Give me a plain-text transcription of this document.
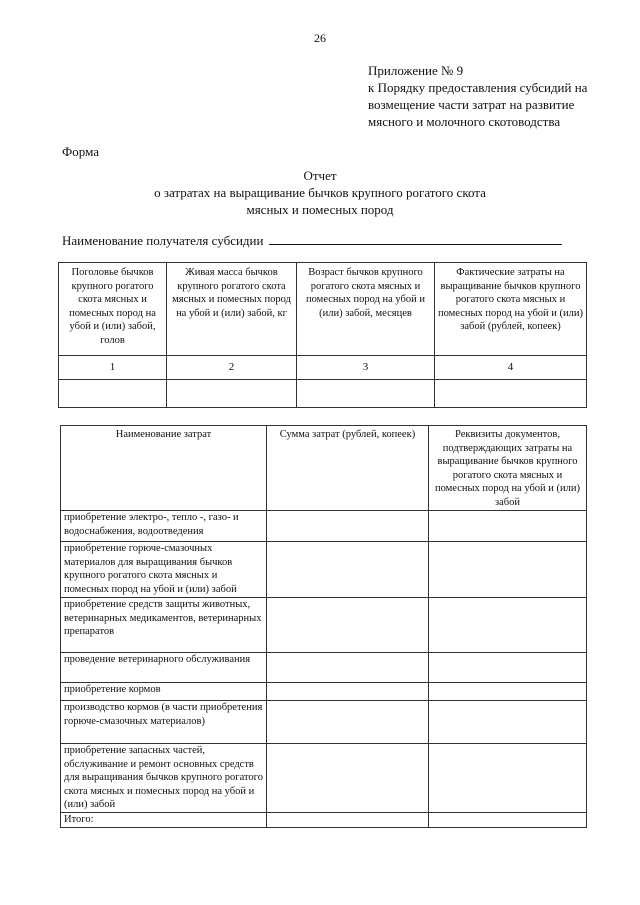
26
Приложение № 9
к Порядку предоставления субсидий на
возмещение части затрат на развитие
мясного и молочного скотоводства
Форма
Отчет
о затратах на выращивание бычков крупного рогатого скота
мясных и помесных пород
Наименование получателя субсидии
Поголовье бычков крупного рогатого скота мясных и помесных пород на убой и (или) забой, голов	Живая масса бычков крупного рогатого скота мясных и помесных пород на убой и (или) забой, кг	Возраст бычков крупного рогатого скота мясных и помесных пород на убой и (или) забой, месяцев	Фактические затраты на выращивание бычков крупного рогатого скота мясных и помесных пород на убой и (или) забой (рублей, копеек)
1	2	3	4

Наименование затрат	Сумма затрат (рублей, копеек)	Реквизиты документов, подтверждающих затраты на выращивание бычков крупного рогатого скота мясных и помесных пород на убой и (или) забой
приобретение электро-, тепло -, газо- и водоснабжения, водоотведения		
приобретение горюче-смазочных материалов для выращивания бычков крупного рогатого скота мясных и помесных пород на убой и (или) забой		
приобретение средств защиты животных, ветеринарных медикаментов, ветеринарных препаратов		
проведение ветеринарного обслуживания		
приобретение кормов		
производство кормов (в части приобретения горюче-смазочных материалов)		
приобретение запасных частей, обслуживание и ремонт основных средств для выращивания бычков крупного рогатого скота мясных и помесных пород на убой и (или) забой		
Итого:		
